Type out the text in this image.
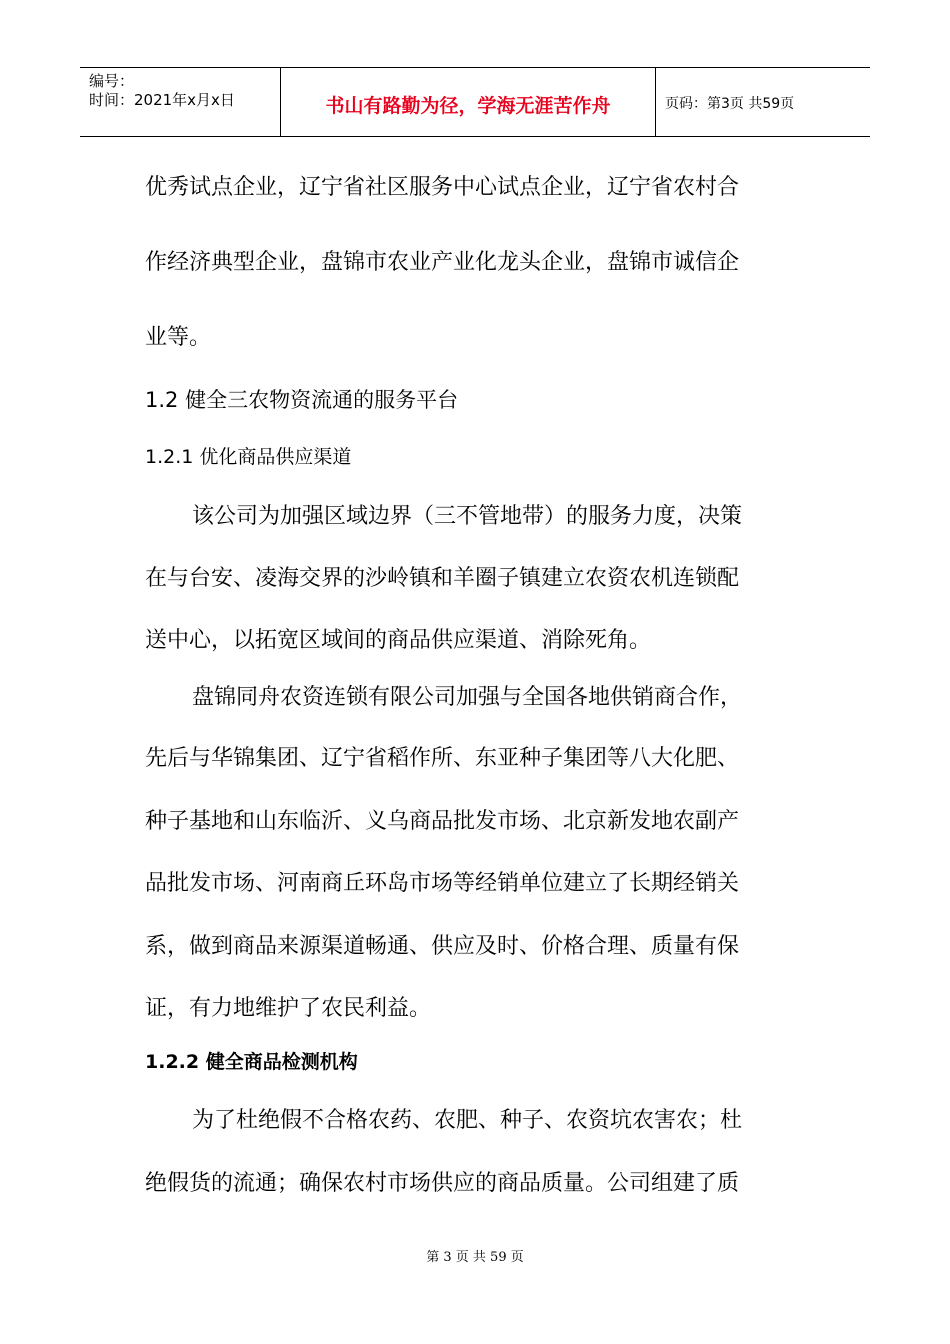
编号：
时间：2021年x月x日	书山有路勤为径，学海无涯苦作舟	页码：第3页 共59页
优秀试点企业，辽宁省社区服务中心试点企业，辽宁省农村合
作经济典型企业，盘锦市农业产业化龙头企业，盘锦市诚信企
业等。
1.2 健全三农物资流通的服务平台
1.2.1 优化商品供应渠道
该公司为加强区域边界（三不管地带）的服务力度，决策
在与台安、凌海交界的沙岭镇和羊圈子镇建立农资农机连锁配
送中心，以拓宽区域间的商品供应渠道、消除死角。
盘锦同舟农资连锁有限公司加强与全国各地供销商合作，
先后与华锦集团、辽宁省稻作所、东亚种子集团等八大化肥、
种子基地和山东临沂、义乌商品批发市场、北京新发地农副产
品批发市场、河南商丘环岛市场等经销单位建立了长期经销关
系，做到商品来源渠道畅通、供应及时、价格合理、质量有保
证，有力地维护了农民利益。
1.2.2 健全商品检测机构
为了杜绝假不合格农药、农肥、种子、农资坑农害农；杜
绝假货的流通；确保农村市场供应的商品质量。公司组建了质
第 3 页 共 59 页
